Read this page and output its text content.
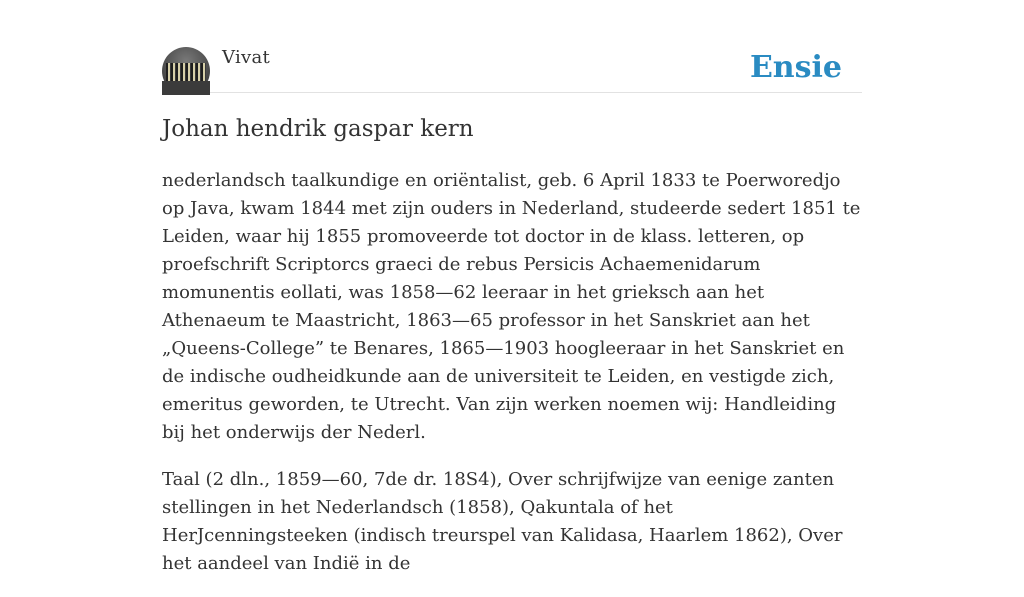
Vivat	Ensie
Johan hendrik gaspar kern

nederlandsch taalkundige en oriëntalist, geb. 6 April 1833 te Poerworedjo op Java, kwam 1844 met zijn ouders in Nederland, studeerde sedert 1851 te Leiden, waar hij 1855 promoveerde tot doctor in de klass. letteren, op proefschrift Scriptorcs graeci de rebus Persicis Achaemenidarum momunentis eollati, was 1858—62 leeraar in het grieksch aan het Athenaeum te Maastricht, 1863—65 professor in het Sanskriet aan het „Queens-College” te Benares, 1865—1903 hoogleeraar in het Sanskriet en de indische oudheidkunde aan de universiteit te Leiden, en vestigde zich, emeritus geworden, te Utrecht. Van zijn werken noemen wij: Handleiding bij het onderwijs der Nederl.

Taal (2 dln., 1859—60, 7de dr. 18S4), Over schrijfwijze van eenige zanten stellingen in het Nederlandsch (1858), Qakuntala of het HerJcenningsteeken (indisch treurspel van Kalidasa, Haarlem 1862), Over het aandeel van Indië in de
